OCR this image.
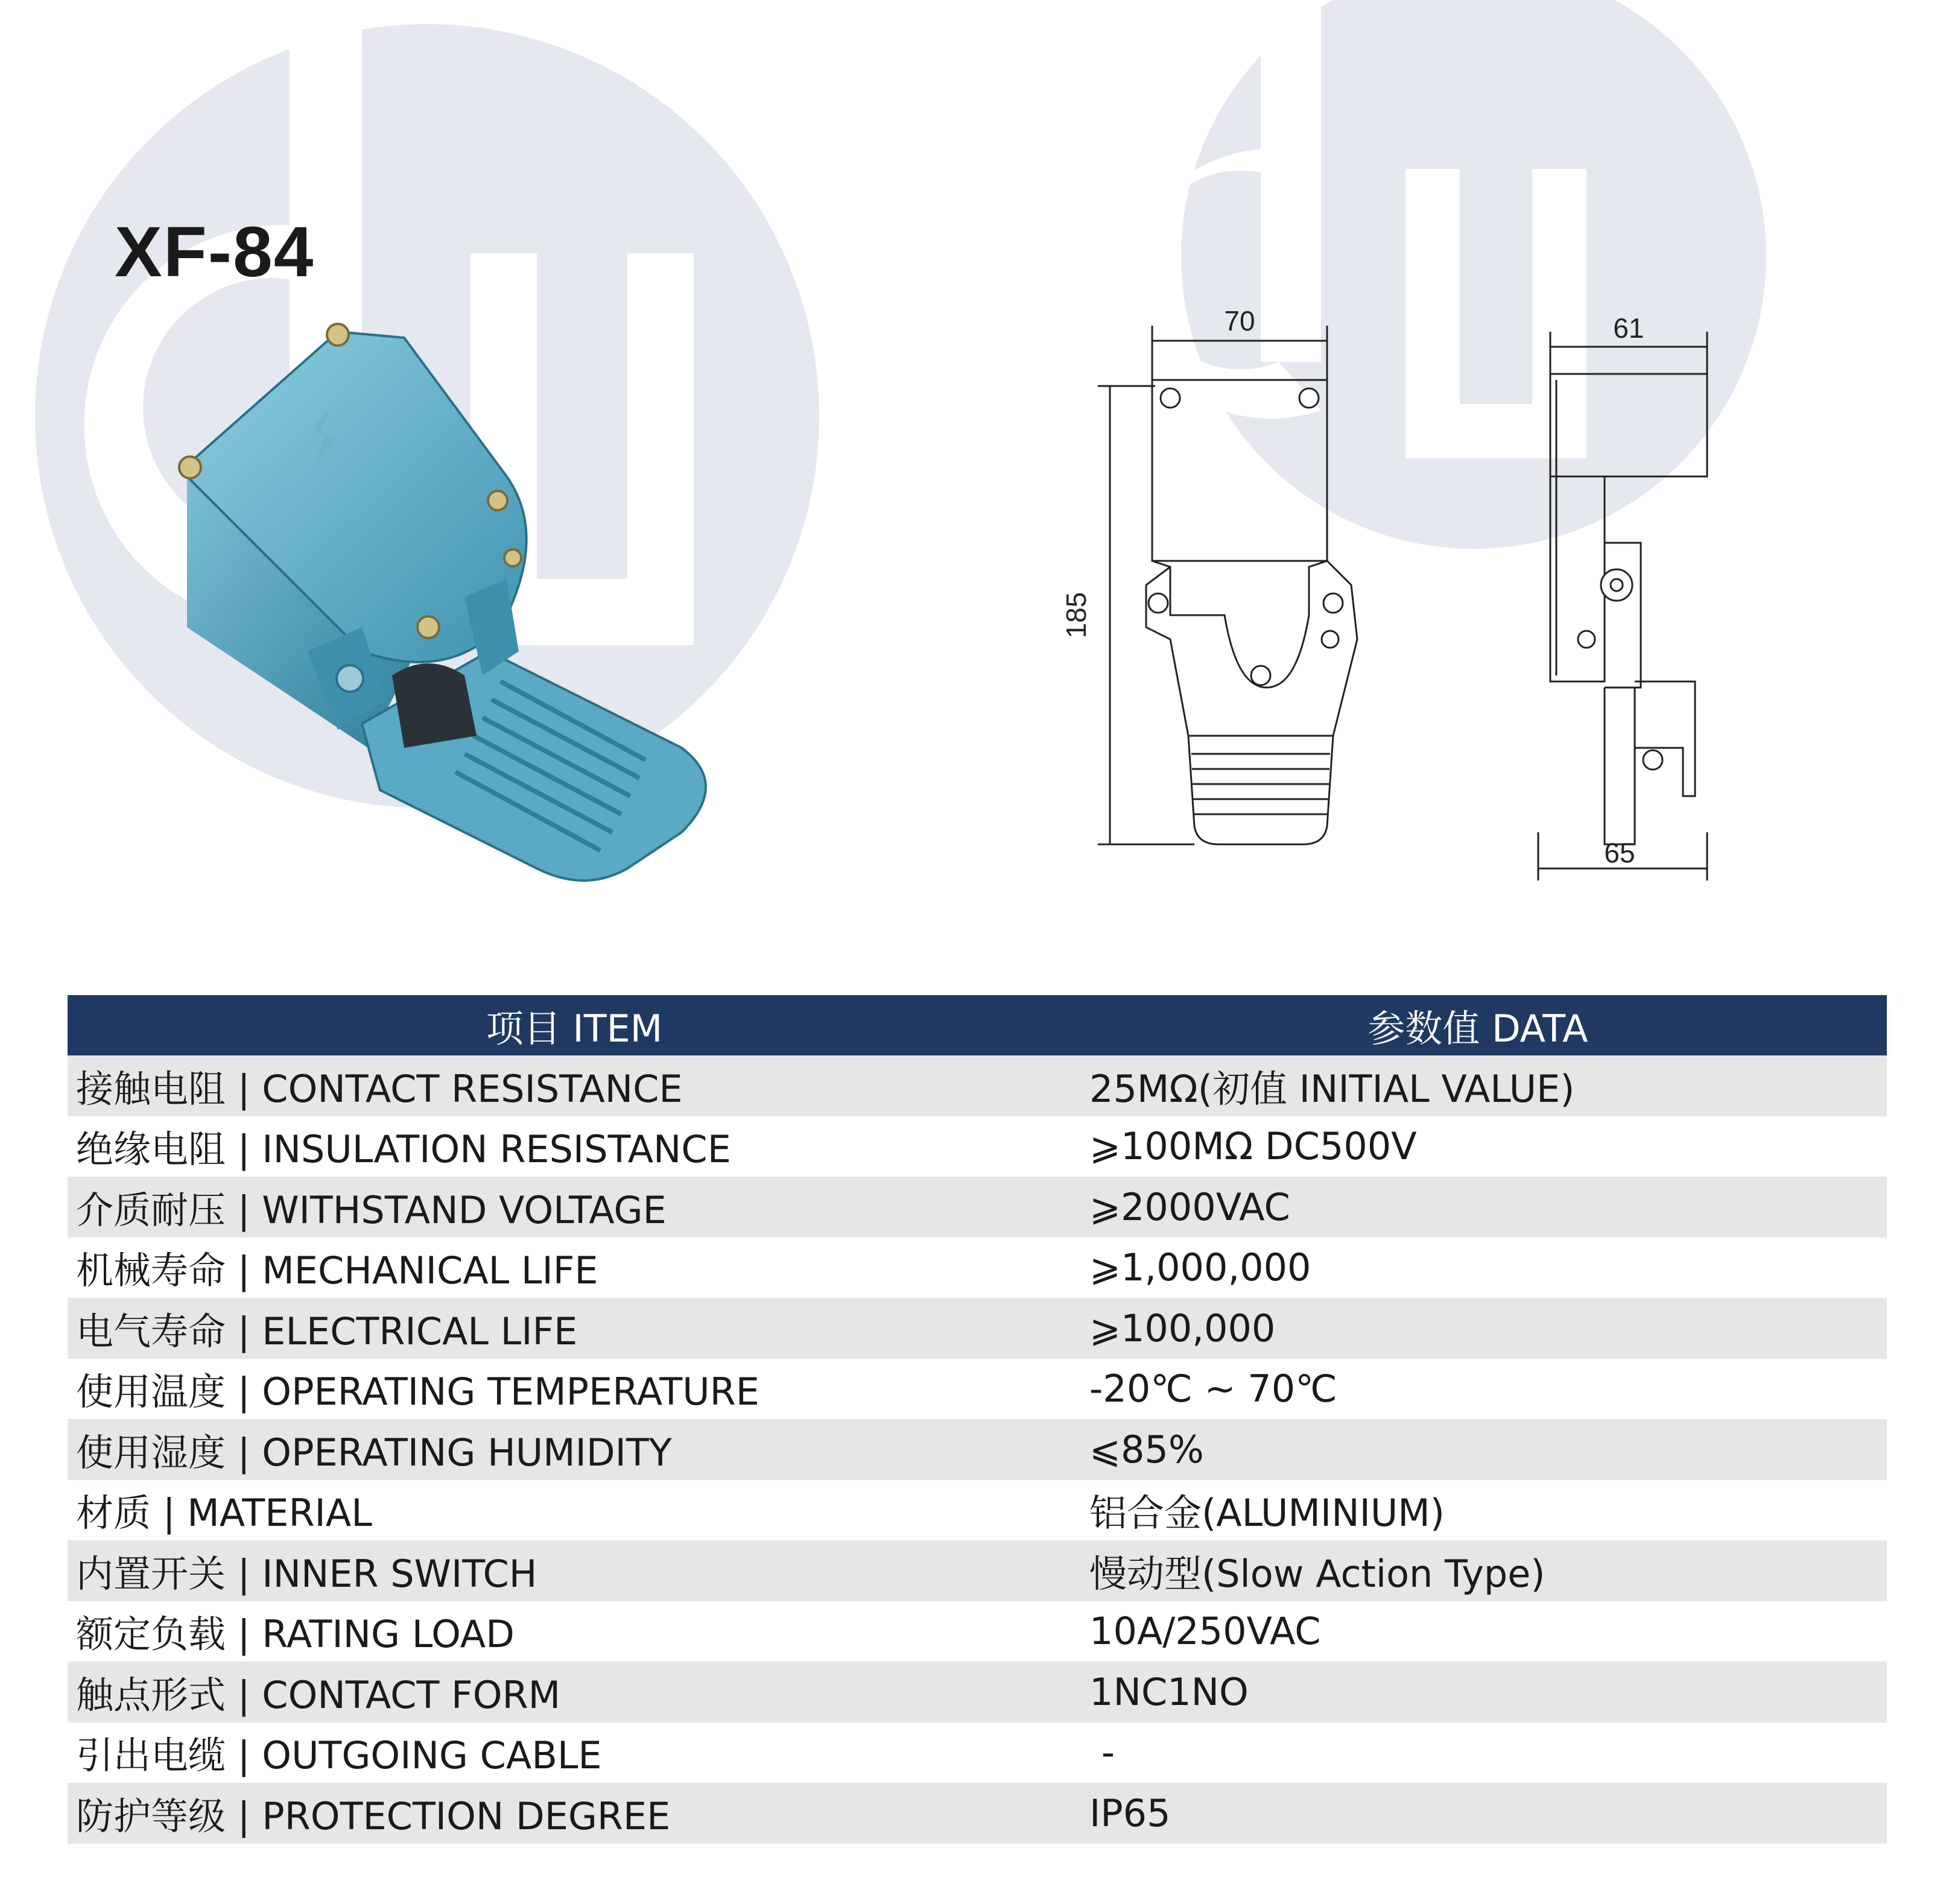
XF-84
70
185
61
65
项目 ITEM	参数值 DATA
接触电阻 | CONTACT RESISTANCE	25MΩ(初值 INITIAL VALUE)
绝缘电阻 | INSULATION RESISTANCE	⩾100MΩ DC500V
介质耐压 | WITHSTAND VOLTAGE	⩾2000VAC
机械寿命 | MECHANICAL LIFE	⩾1,000,000
电气寿命 | ELECTRICAL LIFE	⩾100,000
使用温度 | OPERATING TEMPERATURE	-20℃ ~ 70℃
使用湿度 | OPERATING HUMIDITY	⩽85%
材质 | MATERIAL	铝合金(ALUMINIUM)
内置开关 | INNER SWITCH	慢动型(Slow Action Type)
额定负载 | RATING LOAD	10A/250VAC
触点形式 | CONTACT FORM	1NC1NO
引出电缆 | OUTGOING CABLE	-
防护等级 | PROTECTION DEGREE	IP65
